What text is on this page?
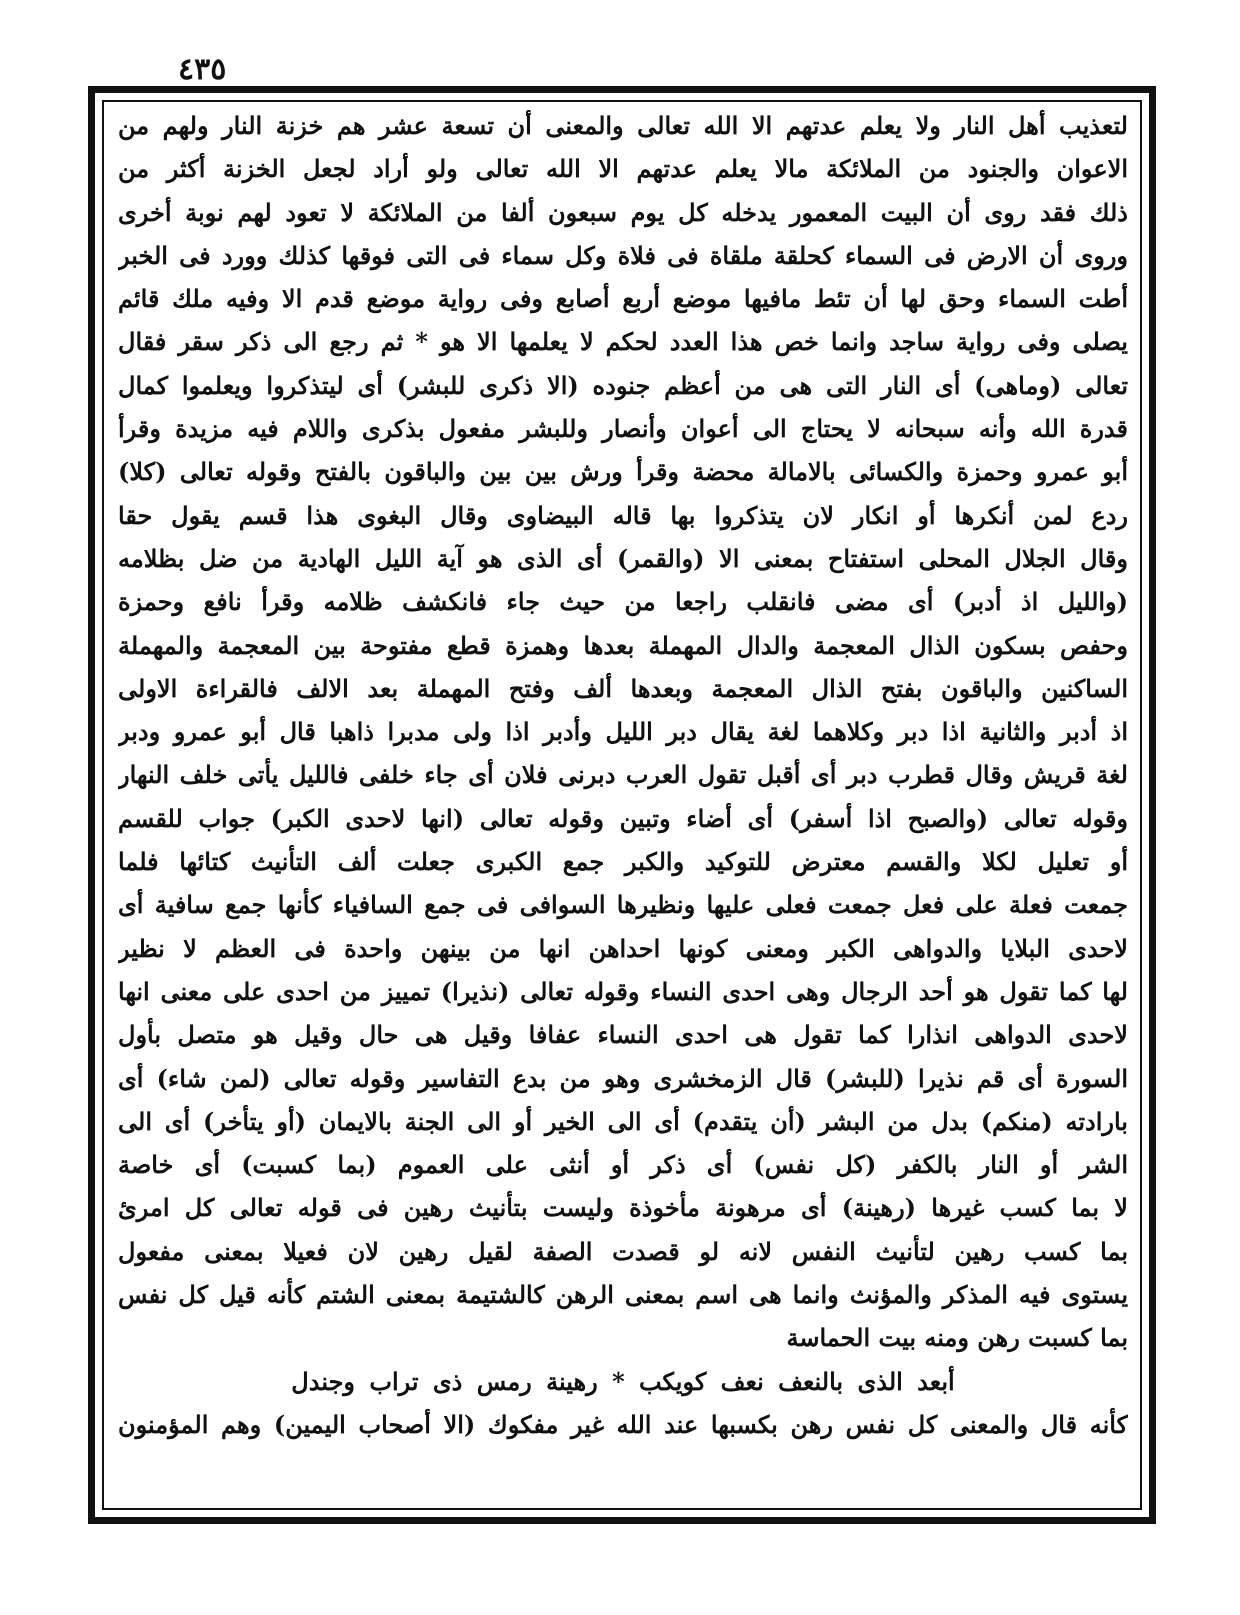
٤٣٥
لتعذيب أهل النار ولا يعلم عدتهم الا الله تعالى والمعنى أن تسعة عشر هم خزنة النار ولهم من
الاعوان والجنود من الملائكة مالا يعلم عدتهم الا الله تعالى ولو أراد لجعل الخزنة أكثر من
ذلك فقد روى أن البيت المعمور يدخله كل يوم سبعون ألفا من الملائكة لا تعود لهم نوبة أخرى
وروى أن الارض فى السماء كحلقة ملقاة فى فلاة وكل سماء فى التى فوقها كذلك وورد فى الخبر
أطت السماء وحق لها أن تئط مافيها موضع أربع أصابع وفى رواية موضع قدم الا وفيه ملك قائم
يصلى وفى رواية ساجد وانما خص هذا العدد لحكم لا يعلمها الا هو * ثم رجع الى ذكر سقر فقال
تعالى (وماهى) أى النار التى هى من أعظم جنوده (الا ذكرى للبشر) أى ليتذكروا ويعلموا كمال
قدرة الله وأنه سبحانه لا يحتاج الى أعوان وأنصار وللبشر مفعول بذكرى واللام فيه مزيدة وقرأ
أبو عمرو وحمزة والكسائى بالامالة محضة وقرأ ورش بين بين والباقون بالفتح وقوله تعالى (كلا)
ردع لمن أنكرها أو انكار لان يتذكروا بها قاله البيضاوى وقال البغوى هذا قسم يقول حقا
وقال الجلال المحلى استفتاح بمعنى الا (والقمر) أى الذى هو آية الليل الهادية من ضل بظلامه
(والليل اذ أدبر) أى مضى فانقلب راجعا من حيث جاء فانكشف ظلامه وقرأ نافع وحمزة
وحفص بسكون الذال المعجمة والدال المهملة بعدها وهمزة قطع مفتوحة بين المعجمة والمهملة
الساكنين والباقون بفتح الذال المعجمة وبعدها ألف وفتح المهملة بعد الالف فالقراءة الاولى
اذ أدبر والثانية اذا دبر وكلاهما لغة يقال دبر الليل وأدبر اذا ولى مدبرا ذاهبا قال أبو عمرو ودبر
لغة قريش وقال قطرب دبر أى أقبل تقول العرب دبرنى فلان أى جاء خلفى فالليل يأتى خلف النهار
وقوله تعالى (والصبح اذا أسفر) أى أضاء وتبين وقوله تعالى (انها لاحدى الكبر) جواب للقسم
أو تعليل لكلا والقسم معترض للتوكيد والكبر جمع الكبرى جعلت ألف التأنيث كتائها فلما
جمعت فعلة على فعل جمعت فعلى عليها ونظيرها السوافى فى جمع السافياء كأنها جمع سافية أى
لاحدى البلايا والدواهى الكبر ومعنى كونها احداهن انها من بينهن واحدة فى العظم لا نظير
لها كما تقول هو أحد الرجال وهى احدى النساء وقوله تعالى (نذيرا) تمييز من احدى على معنى انها
لاحدى الدواهى انذارا كما تقول هى احدى النساء عفافا وقيل هى حال وقيل هو متصل بأول
السورة أى قم نذيرا (للبشر) قال الزمخشرى وهو من بدع التفاسير وقوله تعالى (لمن شاء) أى
بارادته (منكم) بدل من البشر (أن يتقدم) أى الى الخير أو الى الجنة بالايمان (أو يتأخر) أى الى
الشر أو النار بالكفر (كل نفس) أى ذكر أو أنثى على العموم (بما كسبت) أى خاصة
لا بما كسب غيرها (رهينة) أى مرهونة مأخوذة وليست بتأنيث رهين فى قوله تعالى كل امرئ
بما كسب رهين لتأنيث النفس لانه لو قصدت الصفة لقيل رهين لان فعيلا بمعنى مفعول
يستوى فيه المذكر والمؤنث وانما هى اسم بمعنى الرهن كالشتيمة بمعنى الشتم كأنه قيل كل نفس
بما كسبت رهن ومنه بيت الحماسة
أبعد الذى بالنعف نعف كويكب * رهينة رمس ذى تراب وجندل
كأنه قال والمعنى كل نفس رهن بكسبها عند الله غير مفكوك (الا أصحاب اليمين) وهم المؤمنون
